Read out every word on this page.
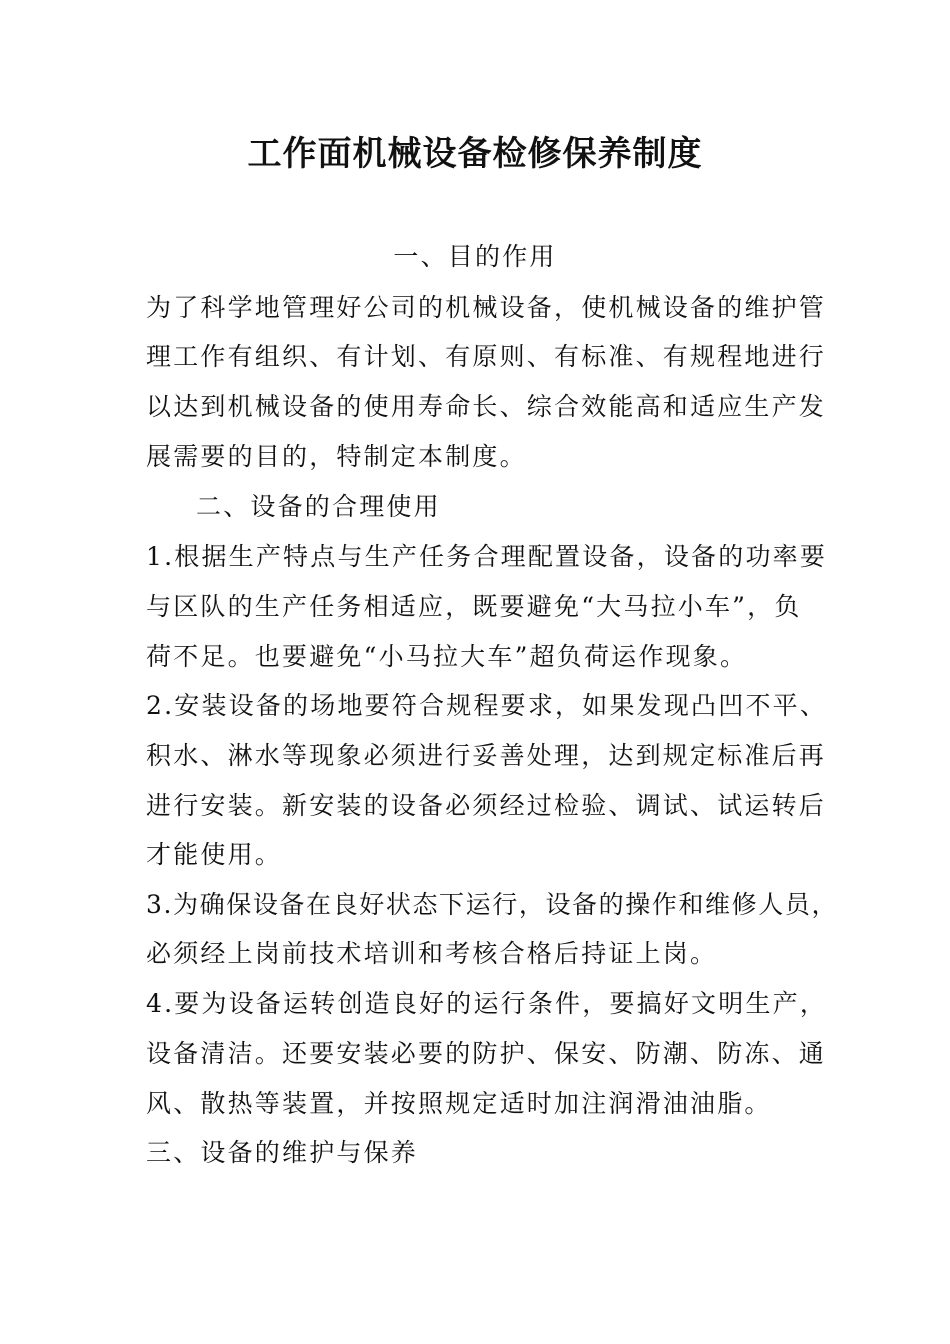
工作面机械设备检修保养制度
一、目的作用
为了科学地管理好公司的机械设备，使机械设备的维护管
理工作有组织、有计划、有原则、有标准、有规程地进行
以达到机械设备的使用寿命长、综合效能高和适应生产发
展需要的目的，特制定本制度。
二、设备的合理使用
1.根据生产特点与生产任务合理配置设备，设备的功率要
与区队的生产任务相适应，既要避免“大马拉小车”，负
荷不足。也要避免“小马拉大车”超负荷运作现象。
2.安装设备的场地要符合规程要求，如果发现凸凹不平、
积水、淋水等现象必须进行妥善处理，达到规定标准后再
进行安装。新安装的设备必须经过检验、调试、试运转后
才能使用。
3.为确保设备在良好状态下运行，设备的操作和维修人员，
必须经上岗前技术培训和考核合格后持证上岗。
4.要为设备运转创造良好的运行条件，要搞好文明生产，
设备清洁。还要安装必要的防护、保安、防潮、防冻、通
风、散热等装置，并按照规定适时加注润滑油油脂。
三、设备的维护与保养
